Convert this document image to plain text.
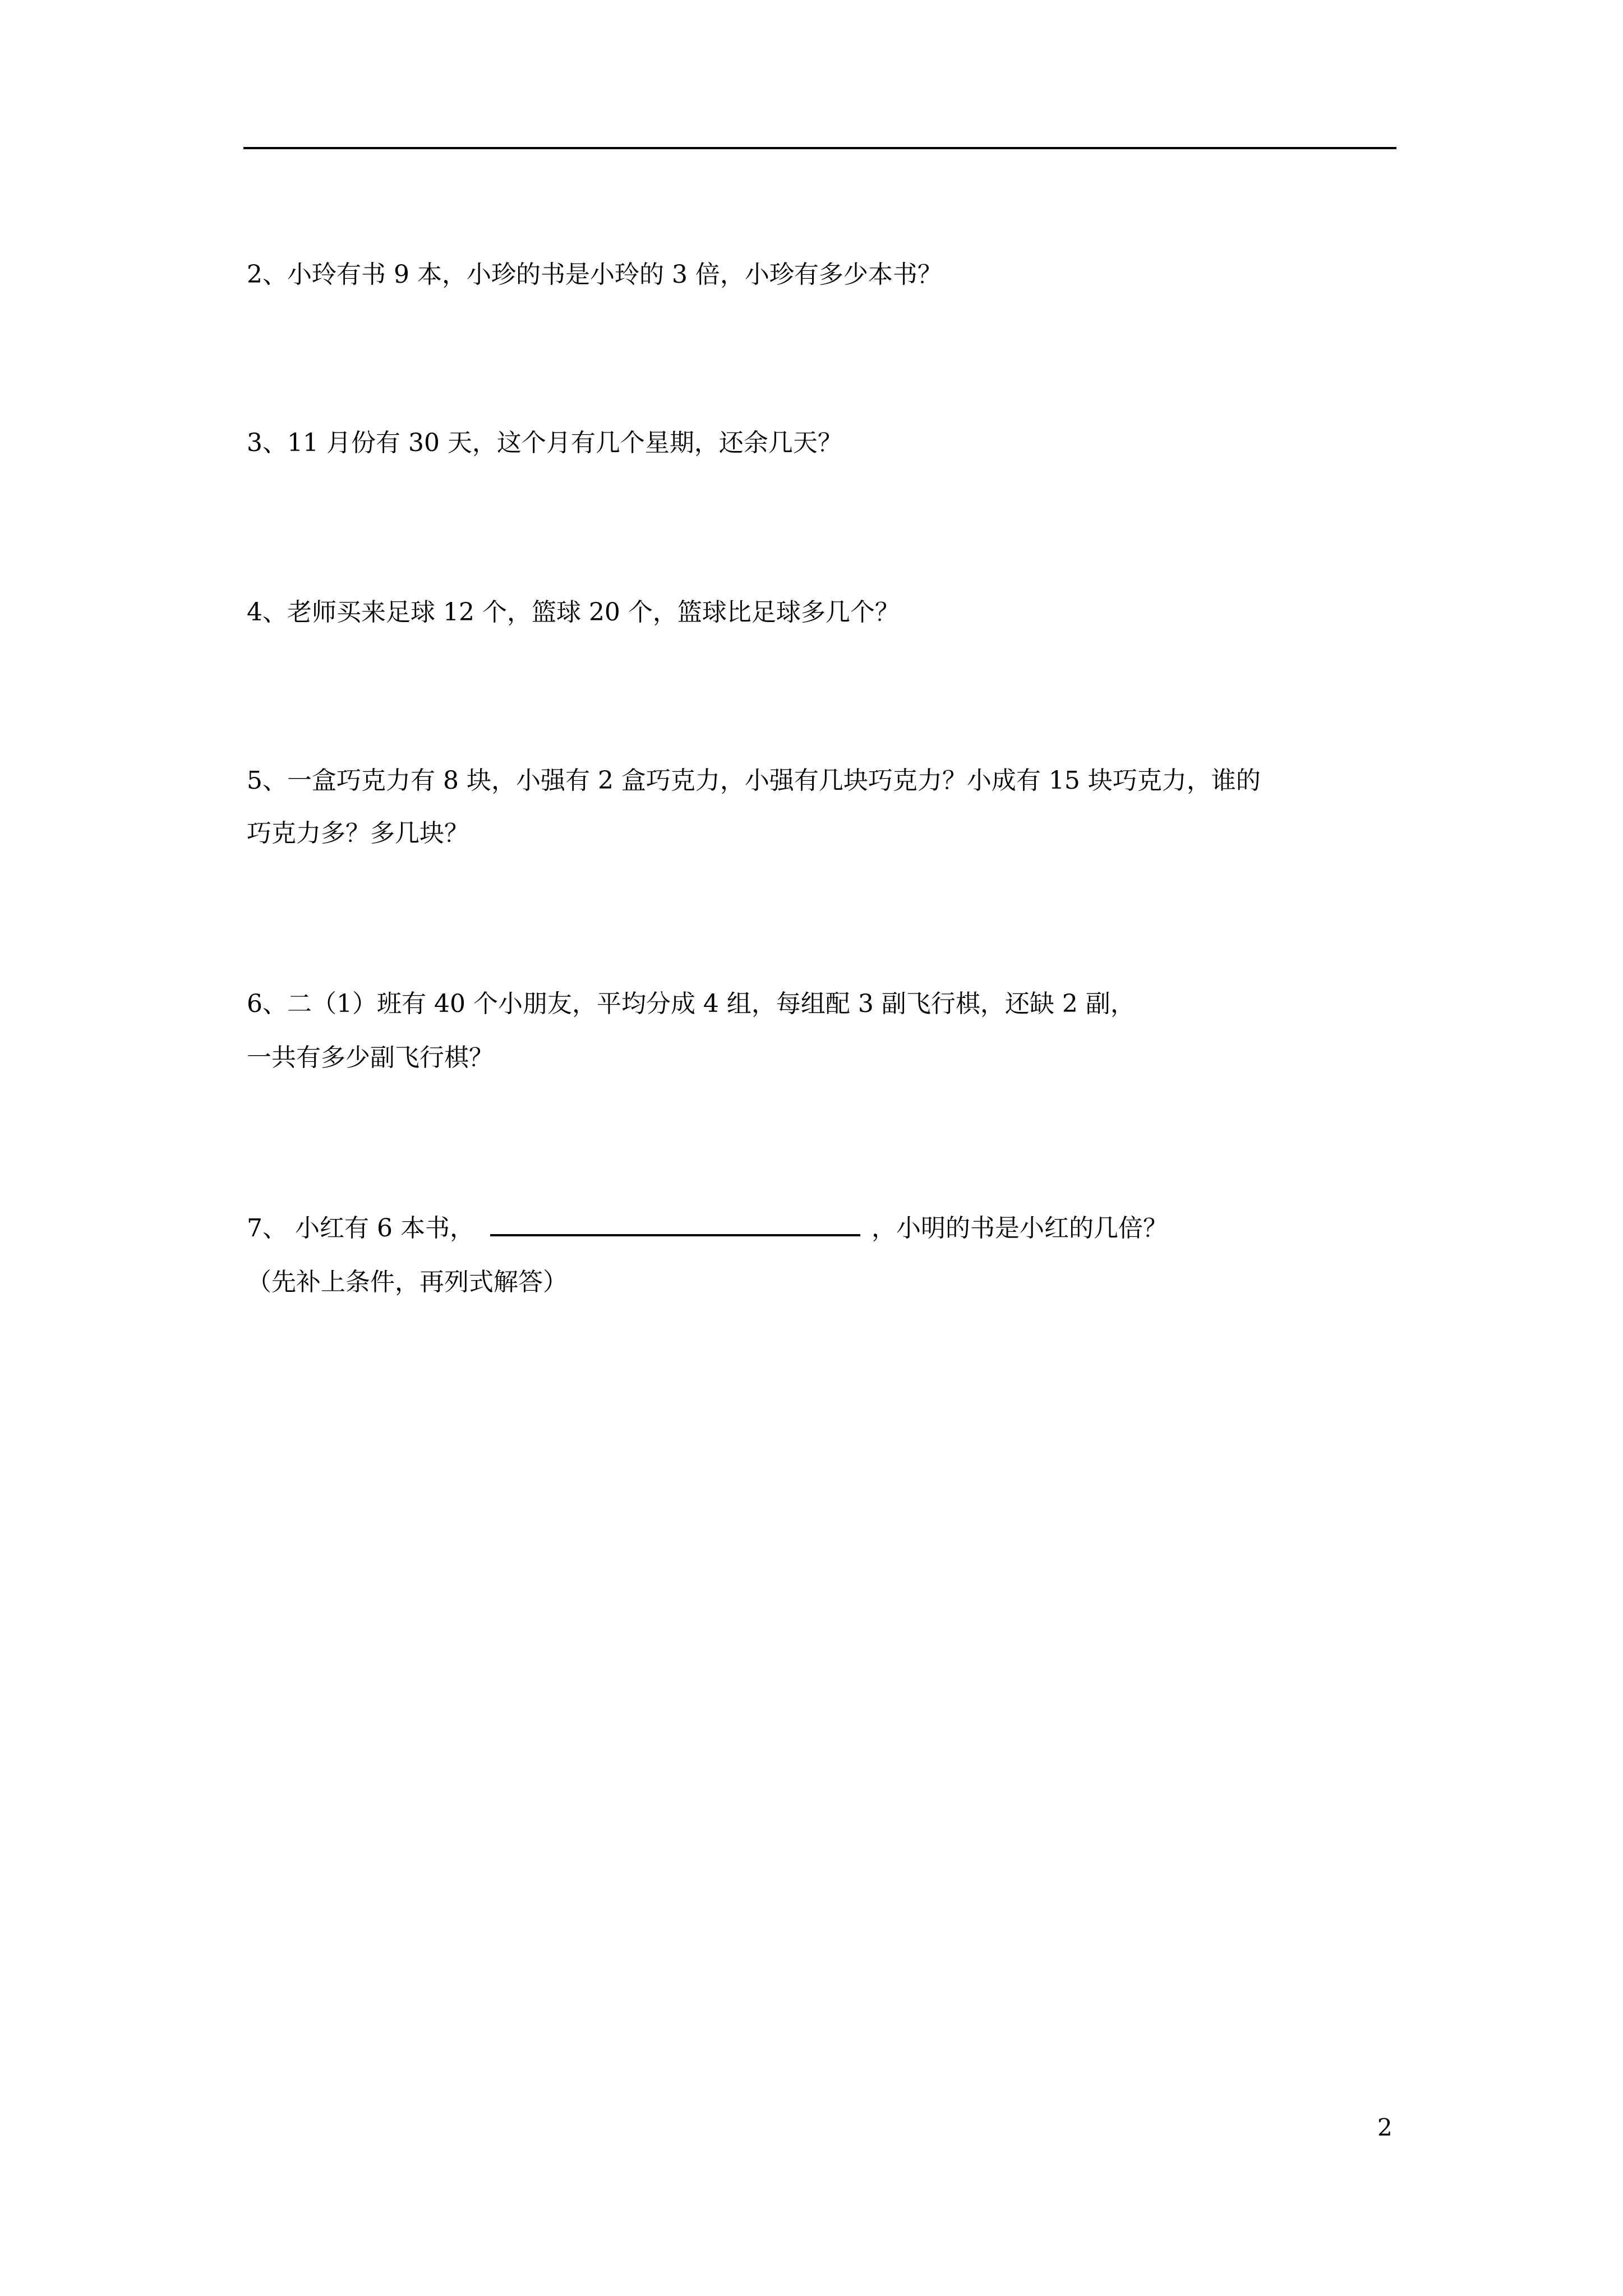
2、小玲有书 9 本，小珍的书是小玲的 3 倍，小珍有多少本书？
3、11 月份有 30 天，这个月有几个星期，还余几天？
4、老师买来足球 12 个，篮球 20 个，篮球比足球多几个？
5、一盒巧克力有 8 块，小强有 2 盒巧克力，小强有几块巧克力？小成有 15 块巧克力，谁的
巧克力多？多几块？
6、二（1）班有 40 个小朋友，平均分成 4 组，每组配 3 副飞行棋，还缺 2 副，
一共有多少副飞行棋？
7、 小红有 6 本书，	，小明的书是小红的几倍？
（先补上条件，再列式解答）
2
